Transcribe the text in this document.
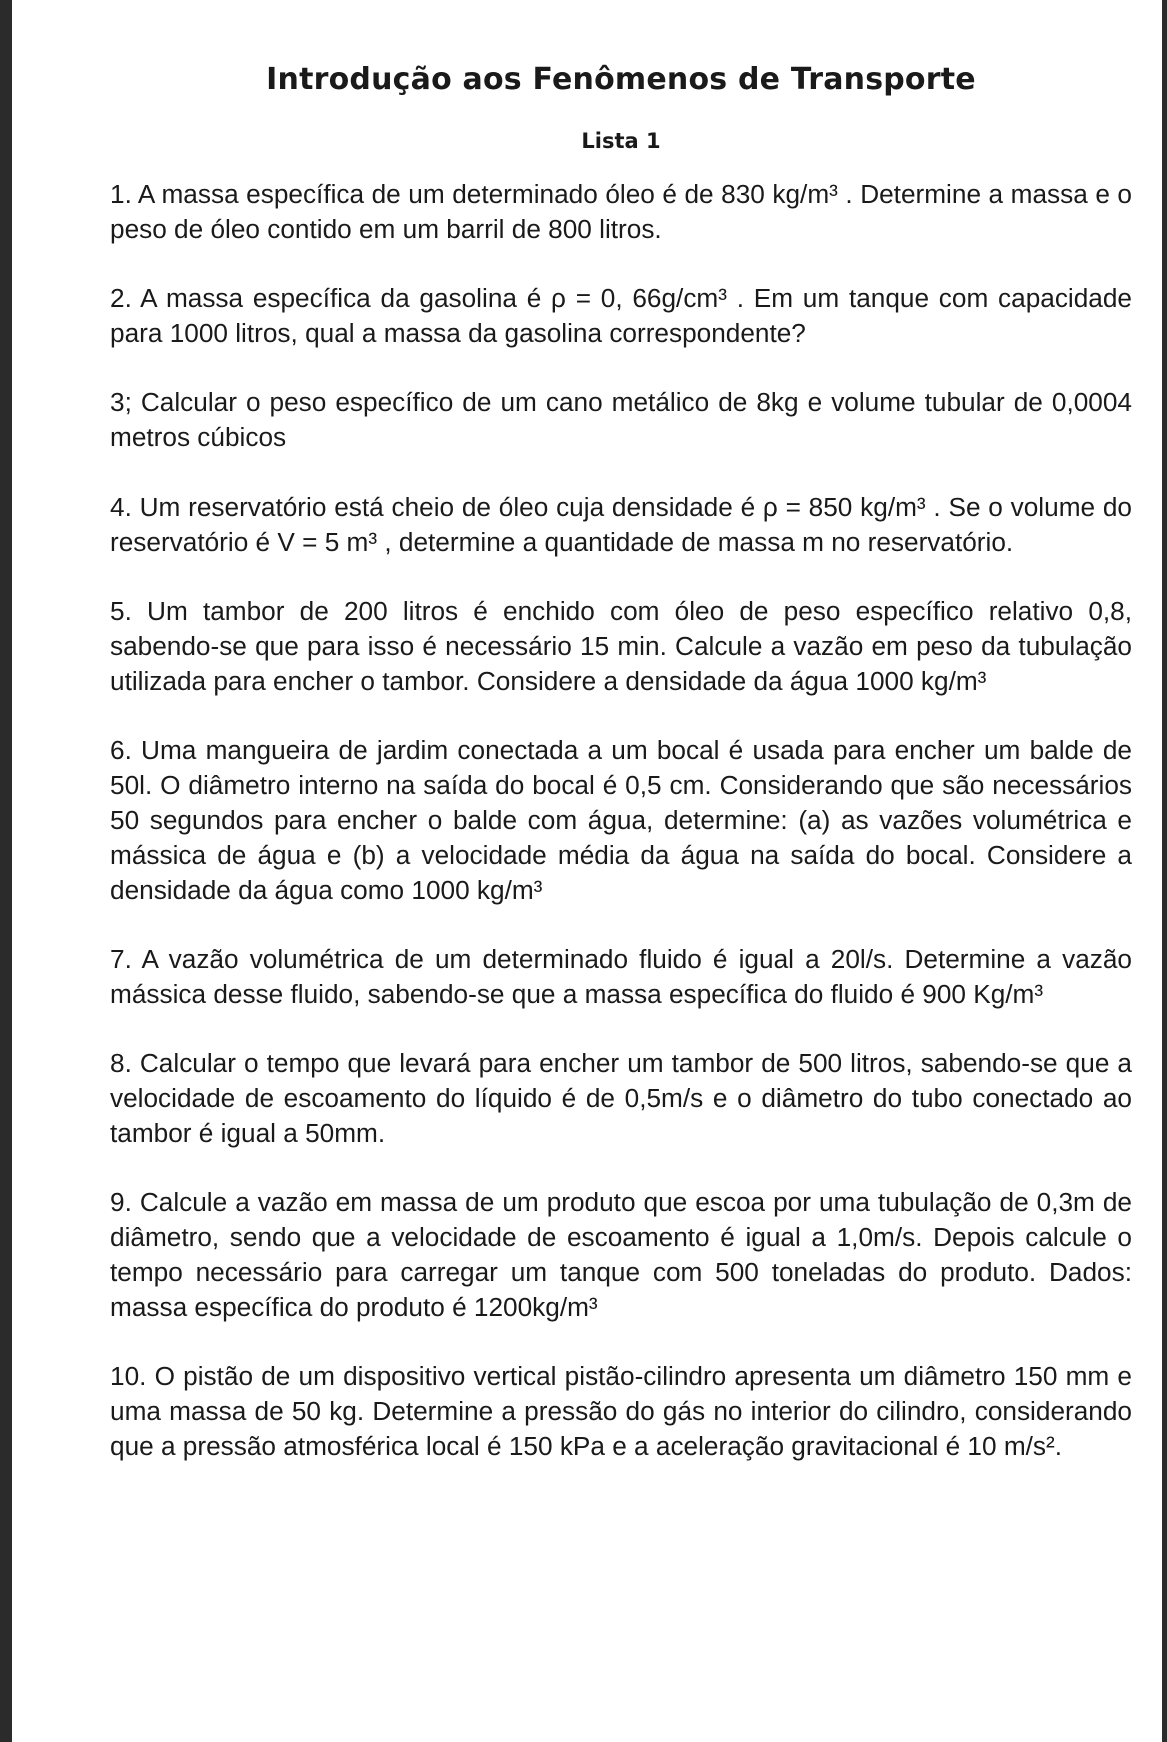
Introdução aos Fenômenos de Transporte

Lista 1

1. A massa específica de um determinado óleo é de 830 kg/m³ . Determine a massa e o peso de óleo contido em um barril de 800 litros.

2. A massa específica da gasolina é ρ = 0, 66g/cm³ . Em um tanque com capacidade para 1000 litros, qual a massa da gasolina correspondente?

3; Calcular o peso específico de um cano metálico de 8kg e volume tubular de 0,0004 metros cúbicos

4. Um reservatório está cheio de óleo cuja densidade é ρ = 850 kg/m³ . Se o volume do reservatório é V = 5 m³ , determine a quantidade de massa m no reservatório.

5. Um tambor de 200 litros é enchido com óleo de peso específico relativo 0,8, sabendo-se que para isso é necessário 15 min. Calcule a vazão em peso da tubulação utilizada para encher o tambor. Considere a densidade da água 1000 kg/m³

6. Uma mangueira de jardim conectada a um bocal é usada para encher um balde de 50l. O diâmetro interno na saída do bocal é 0,5 cm. Considerando que são necessários 50 segundos para encher o balde com água, determine: (a) as vazões volumétrica e mássica de água e (b) a velocidade média da água na saída do bocal. Considere a densidade da água como 1000 kg/m³

7. A vazão volumétrica de um determinado fluido é igual a 20l/s. Determine a vazão mássica desse fluido, sabendo-se que a massa específica do fluido é 900 Kg/m³

8. Calcular o tempo que levará para encher um tambor de 500 litros, sabendo-se que a velocidade de escoamento do líquido é de 0,5m/s e o diâmetro do tubo conectado ao tambor é igual a 50mm.

9. Calcule a vazão em massa de um produto que escoa por uma tubulação de 0,3m de diâmetro, sendo que a velocidade de escoamento é igual a 1,0m/s. Depois calcule o tempo necessário para carregar um tanque com 500 toneladas do produto. Dados: massa específica do produto é 1200kg/m³

10. O pistão de um dispositivo vertical pistão-cilindro apresenta um diâmetro 150 mm e uma massa de 50 kg. Determine a pressão do gás no interior do cilindro, considerando que a pressão atmosférica local é 150 kPa e a aceleração gravitacional é 10 m/s².
